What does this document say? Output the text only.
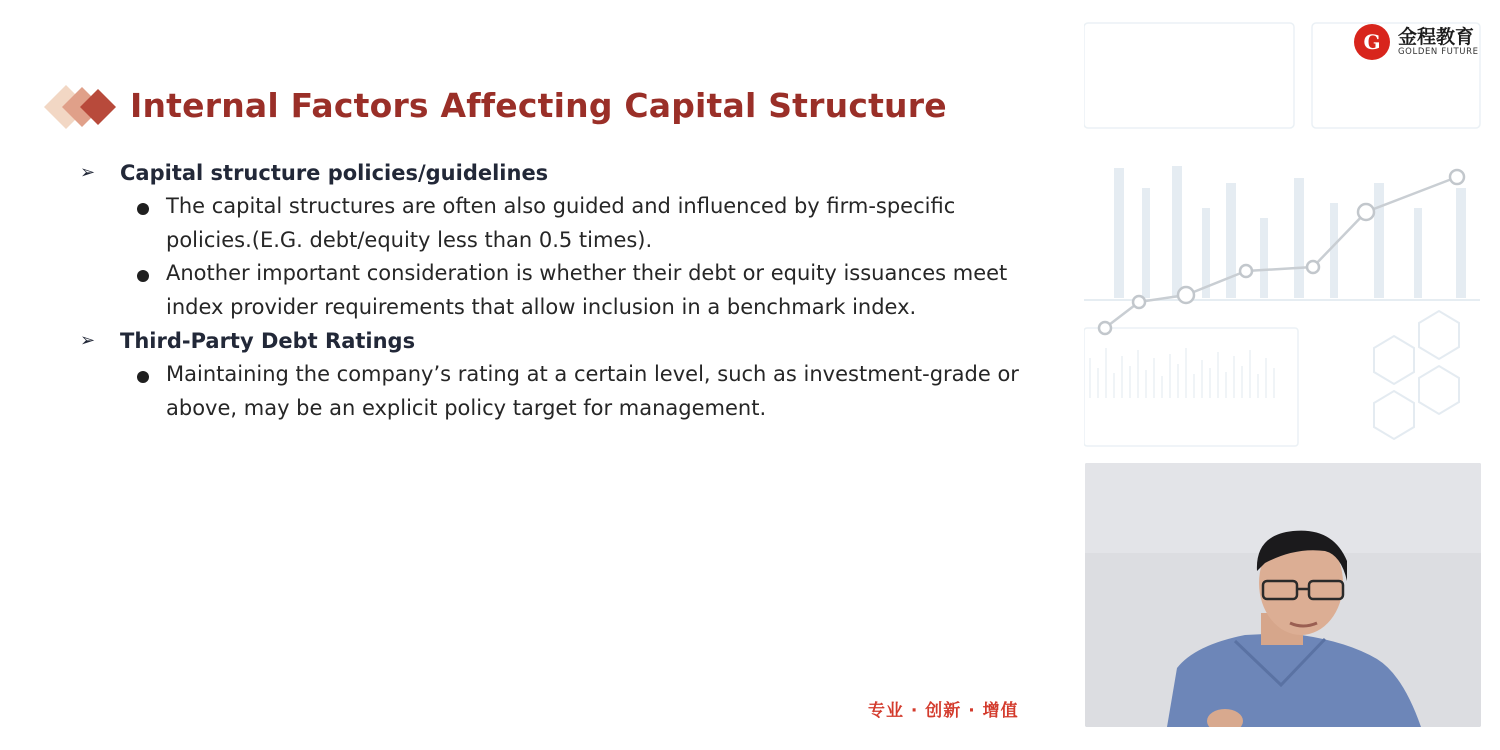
Internal Factors Affecting Capital Structure
➢	Capital structure policies/guidelines
The capital structures are often also guided and influenced by firm-specific policies.(E.G. debt/equity less than 0.5 times).
Another important consideration is whether their debt or equity issuances meet index provider requirements that allow inclusion in a benchmark index.
➢	Third-Party Debt Ratings
Maintaining the company’s rating at a certain level, such as investment-grade or above, may be an explicit policy target for management.
G 金程教育
GOLDEN FUTURE
专业 · 创新 · 增值
